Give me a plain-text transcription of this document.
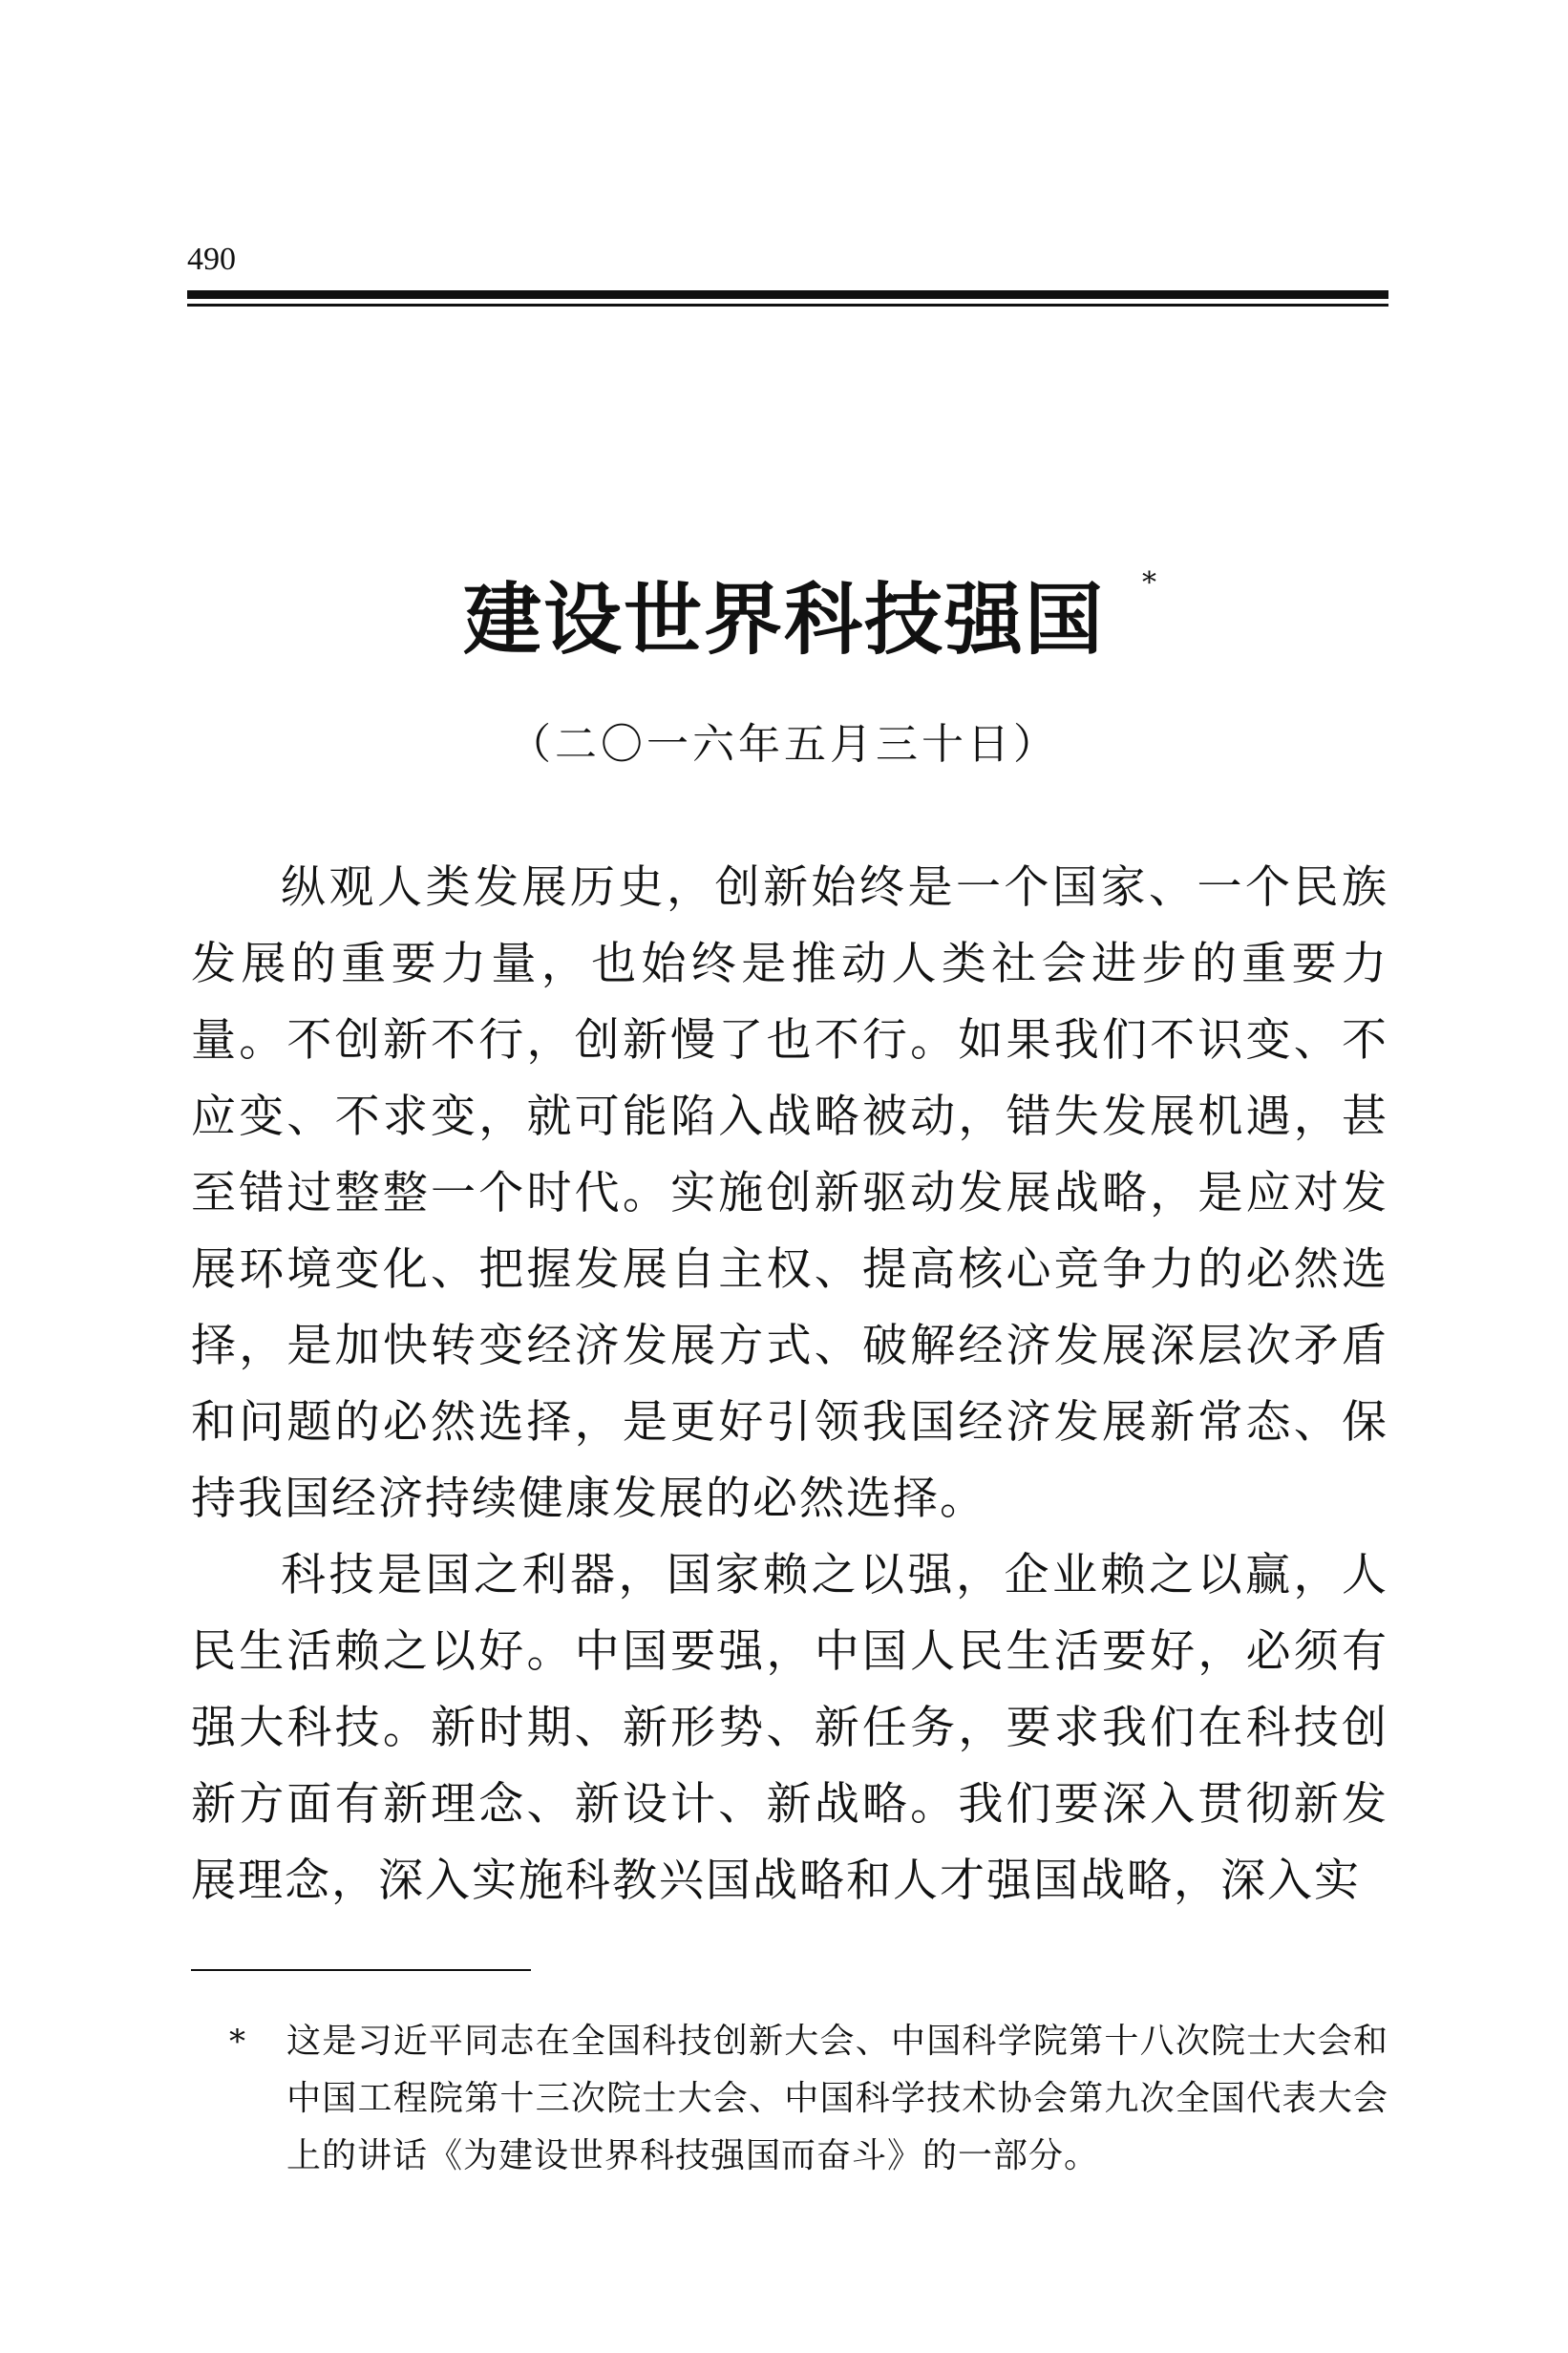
490
建设世界科技强国	*
（二〇一六年五月三十日）

纵观人类发展历史，创新始终是一个国家、一个民族发展的重要力量，也始终是推动人类社会进步的重要力量。不创新不行，创新慢了也不行。如果我们不识变、不应变、不求变，就可能陷入战略被动，错失发展机遇，甚至错过整整一个时代。实施创新驱动发展战略，是应对发展环境变化、把握发展自主权、提高核心竞争力的必然选择，是加快转变经济发展方式、破解经济发展深层次矛盾和问题的必然选择，是更好引领我国经济发展新常态、保持我国经济持续健康发展的必然选择。

科技是国之利器，国家赖之以强，企业赖之以赢，人民生活赖之以好。中国要强，中国人民生活要好，必须有强大科技。新时期、新形势、新任务，要求我们在科技创新方面有新理念、新设计、新战略。我们要深入贯彻新发展理念，深入实施科教兴国战略和人才强国战略，深入实

* 这是习近平同志在全国科技创新大会、中国科学院第十八次院士大会和中国工程院第十三次院士大会、中国科学技术协会第九次全国代表大会上的讲话《为建设世界科技强国而奋斗》的一部分。
